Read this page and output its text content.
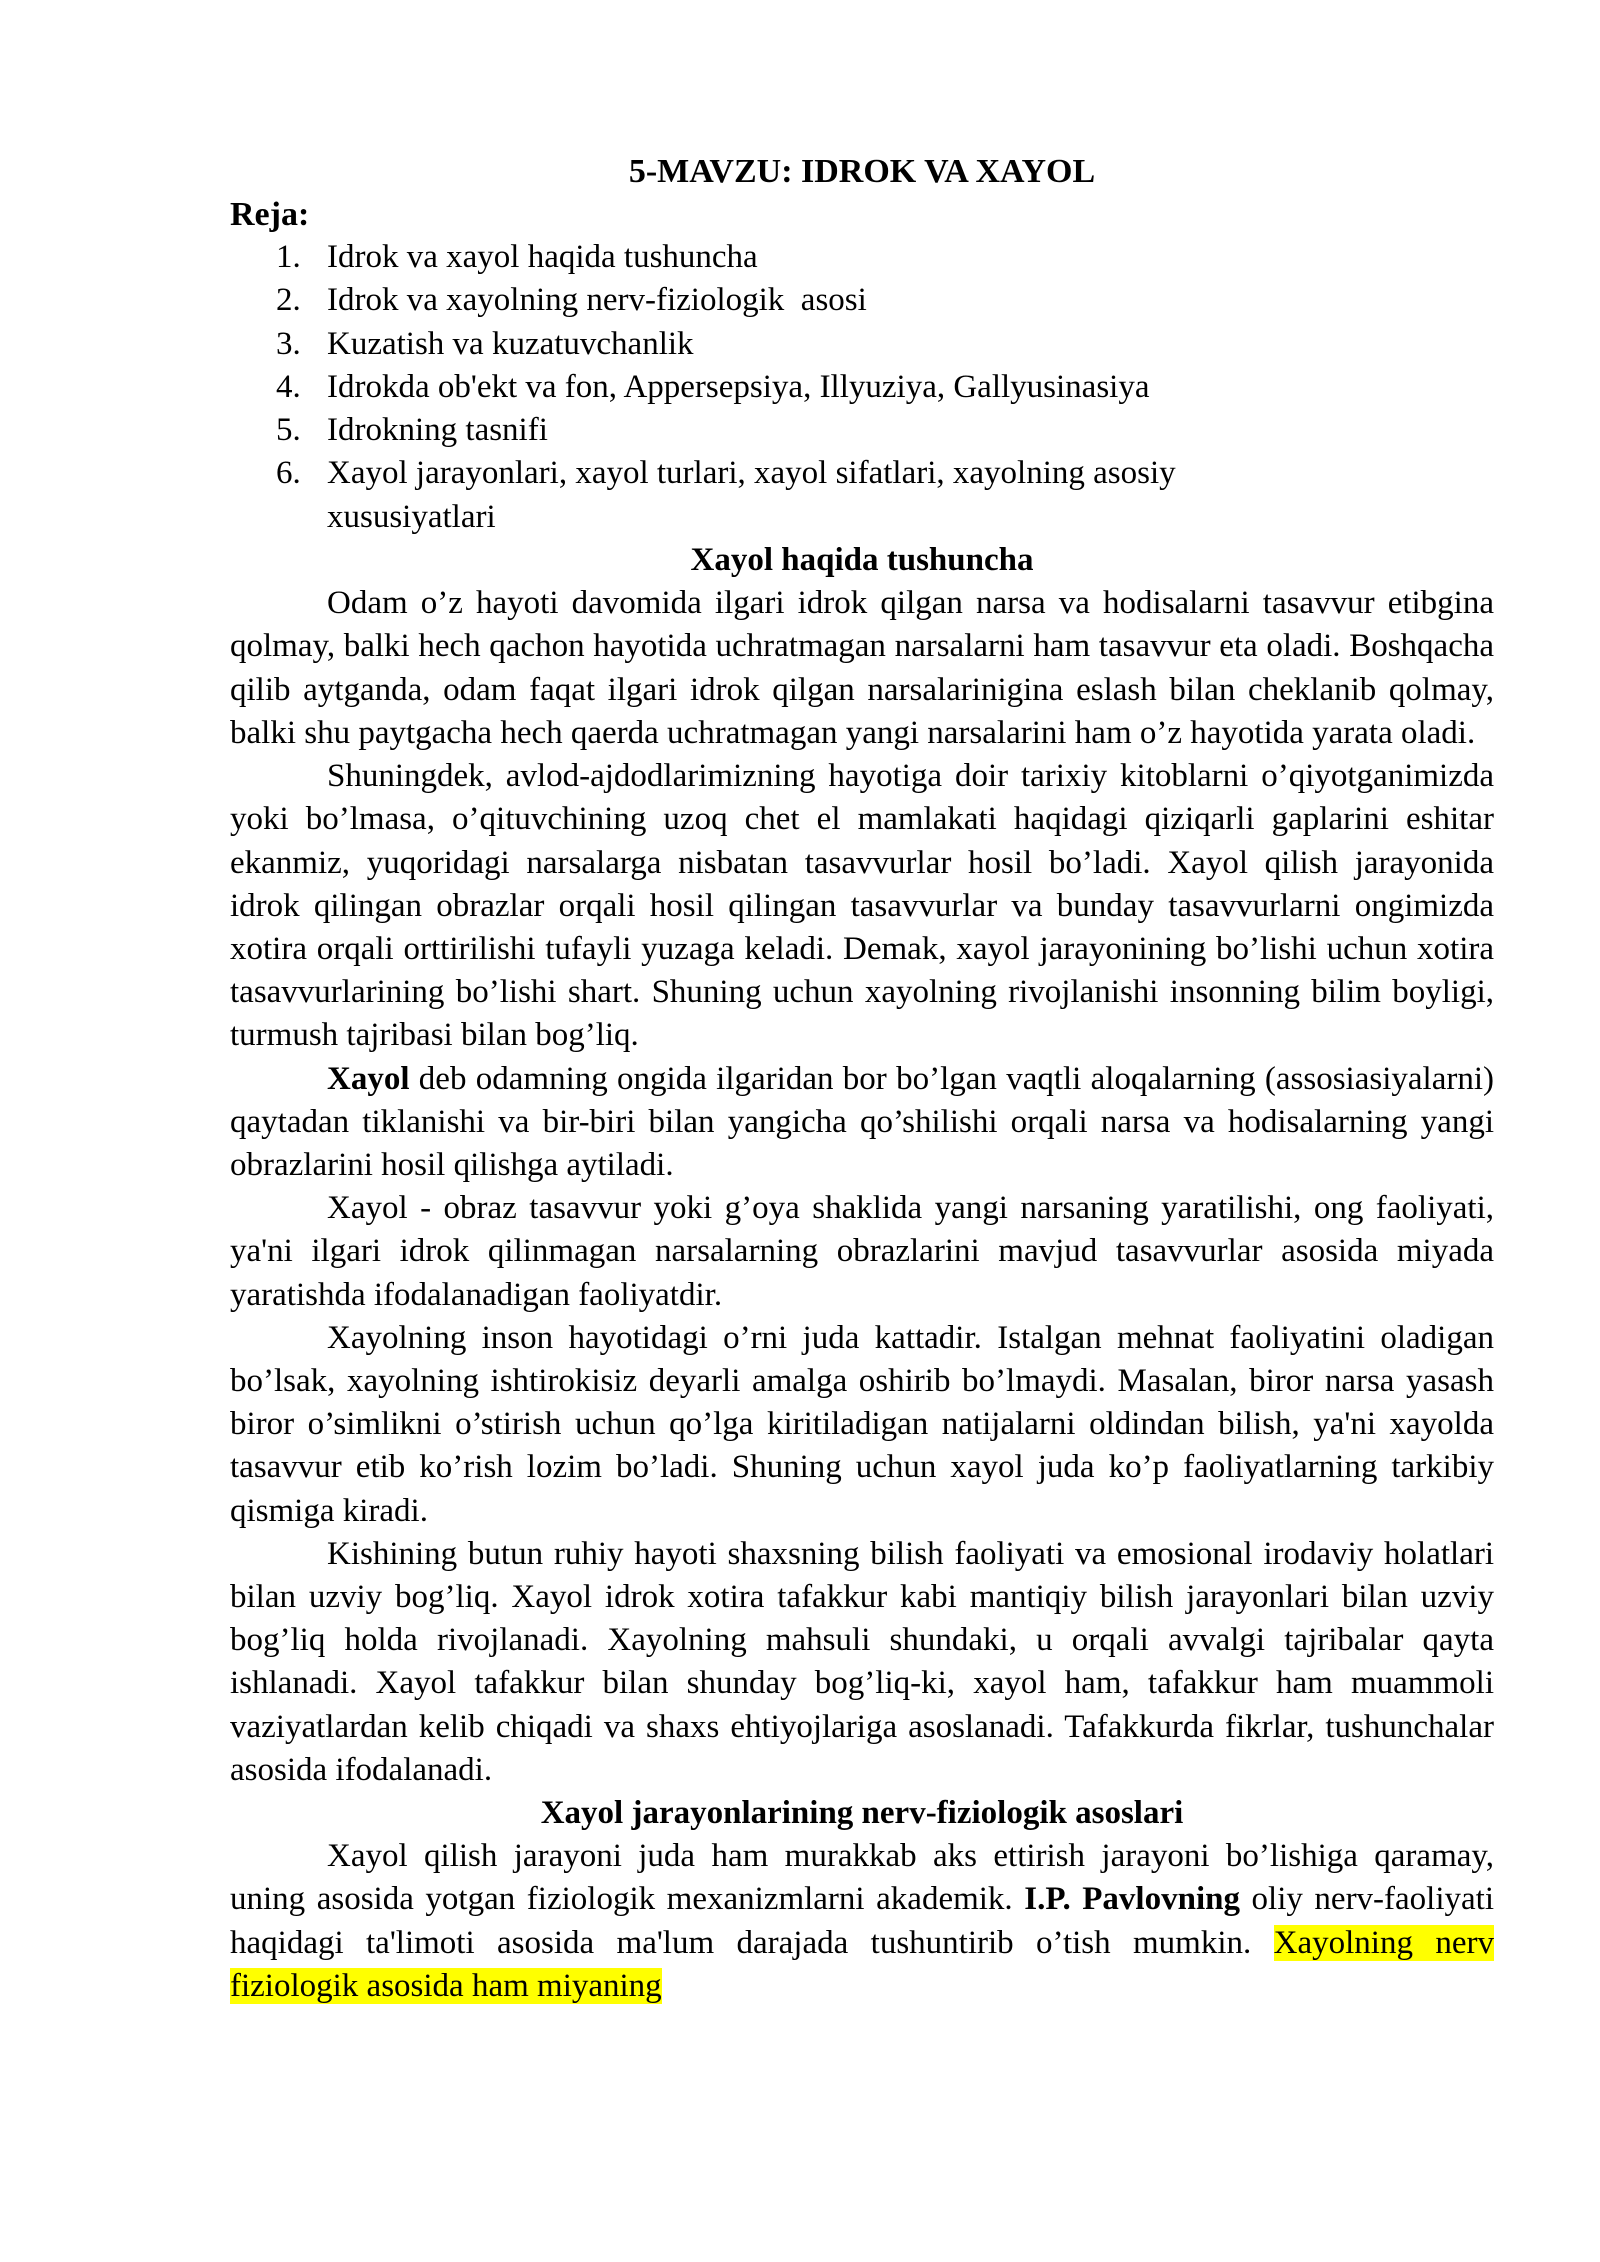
5-MAVZU: IDROK VA XAYOL
Reja:
1. Idrok va xayol haqida tushuncha
2. Idrok va xayolning nerv-fiziologik  asosi
3. Kuzatish va kuzatuvchanlik
4. Idrokda ob'ekt va fon, Appersepsiya, Illyuziya, Gallyusinasiya
5. Idrokning tasnifi
6. Xayol jarayonlari, xayol turlari, xayol sifatlari, xayolning asosiy xususiyatlari
Xayol haqida tushuncha

Odam o’z hayoti davomida ilgari idrok qilgan narsa va hodisalarni tasavvur etibgina qolmay, balki hech qachon hayotida uchratmagan narsalarni ham tasavvur eta oladi. Boshqacha qilib aytganda, odam faqat ilgari idrok qilgan narsalarinigina eslash bilan cheklanib qolmay, balki shu paytgacha hech qaerda uchratmagan yangi narsalarini ham o’z hayotida yarata oladi.

Shuningdek, avlod-ajdodlarimizning hayotiga doir tarixiy kitoblarni o’qiyotganimizda yoki bo’lmasa, o’qituvchining uzoq chet el mamlakati haqidagi qiziqarli gaplarini eshitar ekanmiz, yuqoridagi narsalarga nisbatan tasavvurlar hosil bo’ladi. Xayol qilish jarayonida idrok qilingan obrazlar orqali hosil qilingan tasavvurlar va bunday tasavvurlarni ongimizda xotira orqali orttirilishi tufayli yuzaga keladi. Demak, xayol jarayonining bo’lishi uchun xotira tasavvurlarining bo’lishi shart. Shuning uchun xayolning rivojlanishi insonning bilim boyligi, turmush tajribasi bilan bog’liq.

Xayol deb odamning ongida ilgaridan bor bo’lgan vaqtli aloqalarning (assosiasiyalarni) qaytadan tiklanishi va bir-biri bilan yangicha qo’shilishi orqali narsa va hodisalarning yangi obrazlarini hosil qilishga aytiladi.

Xayol - obraz tasavvur yoki g’oya shaklida yangi narsaning yaratilishi, ong faoliyati, ya'ni ilgari idrok qilinmagan narsalarning obrazlarini mavjud tasavvurlar asosida miyada yaratishda ifodalanadigan faoliyatdir.

Xayolning inson hayotidagi o’rni juda kattadir. Istalgan mehnat faoliyatini oladigan bo’lsak, xayolning ishtirokisiz deyarli amalga oshirib bo’lmaydi. Masalan, biror narsa yasash biror o’simlikni o’stirish uchun qo’lga kiritiladigan natijalarni oldindan bilish, ya'ni xayolda tasavvur etib ko’rish lozim bo’ladi. Shuning uchun xayol juda ko’p faoliyatlarning tarkibiy qismiga kiradi.

Kishining butun ruhiy hayoti shaxsning bilish faoliyati va emosional irodaviy holatlari bilan uzviy bog’liq. Xayol idrok xotira tafakkur kabi mantiqiy bilish jarayonlari bilan uzviy bog’liq holda rivojlanadi. Xayolning mahsuli shundaki, u orqali avvalgi tajribalar qayta ishlanadi. Xayol tafakkur bilan shunday bog’liq-ki, xayol ham, tafakkur ham muammoli vaziyatlardan kelib chiqadi va shaxs ehtiyojlariga asoslanadi. Tafakkurda fikrlar, tushunchalar asosida ifodalanadi.

Xayol jarayonlarining nerv-fiziologik asoslari

Xayol qilish jarayoni juda ham murakkab aks ettirish jarayoni bo’lishiga qaramay, uning asosida yotgan fiziologik mexanizmlarni akademik. I.P. Pavlovning oliy nerv-faoliyati haqidagi ta'limoti asosida ma'lum darajada tushuntirib o’tish mumkin. Xayolning nerv fiziologik asosida ham miyaning
